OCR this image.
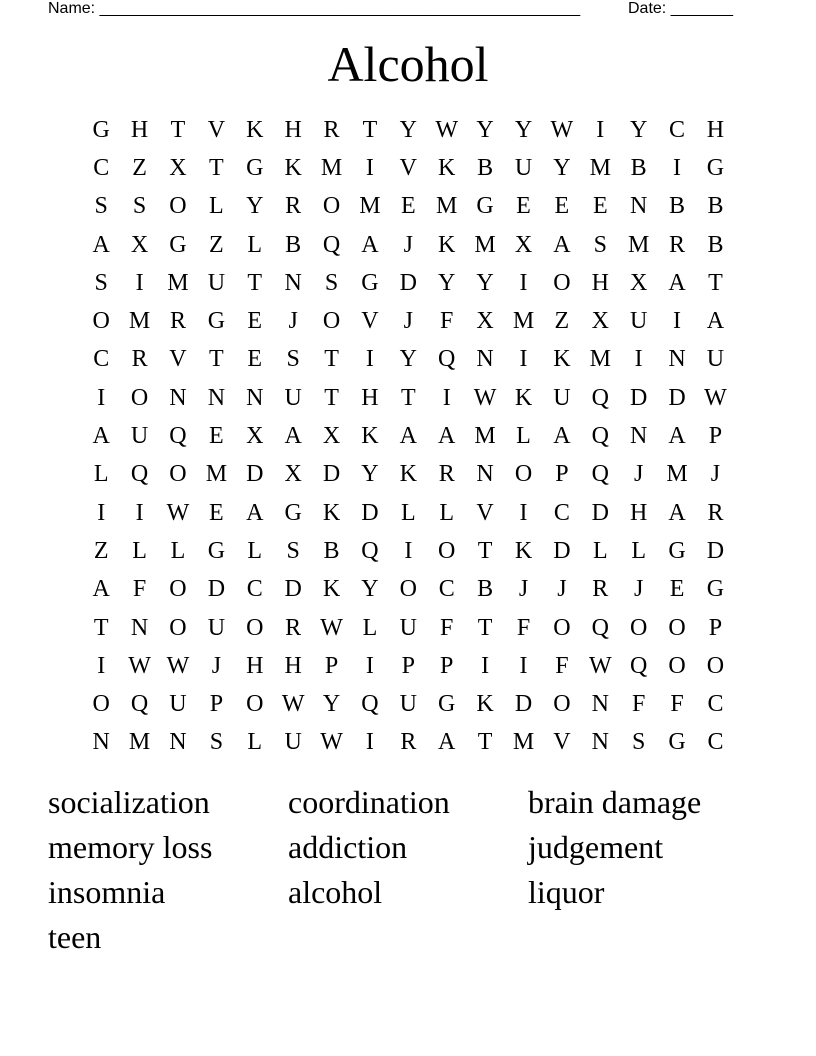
Name: ______________________________________________________	Date: _______
Alcohol
G H T V K H R T Y W Y Y W I	Y C H
C Z X T G K M I	V K B U Y M B	I	G
S	S O L Y R O M E M G E E E N B B
A X G Z L B Q A	J	K M X A S M R B
S	I M U T N S G D Y Y	I	O H X A T
O M R G E	J	O V	J	F X M Z X U	I	A
C R V T E	S	T	I	Y Q N	I	K M I	N U
I	O N N N U T H T	I W K U Q D D W
A U Q E X A X K A A M L A Q N A P
L Q O M D X D Y K R N O P Q	J M J
I	I W E A G K D L L V	I	C D H A R
Z L L G L	S B Q	I	O T K D L L G D
A F O D C D K Y O C B	J	J	R	J	E G
T N O U O R W L U F	T	F O Q O O P
I W W J	H H P	I	P	P	I	I	F W Q O O
O Q U P O W Y Q U G K D O N F	F C
N M N S	L U W I	R A T M V N S G C
socialization	coordination	brain damage
memory loss	addiction	judgement
insomnia	alcohol	liquor
teen
